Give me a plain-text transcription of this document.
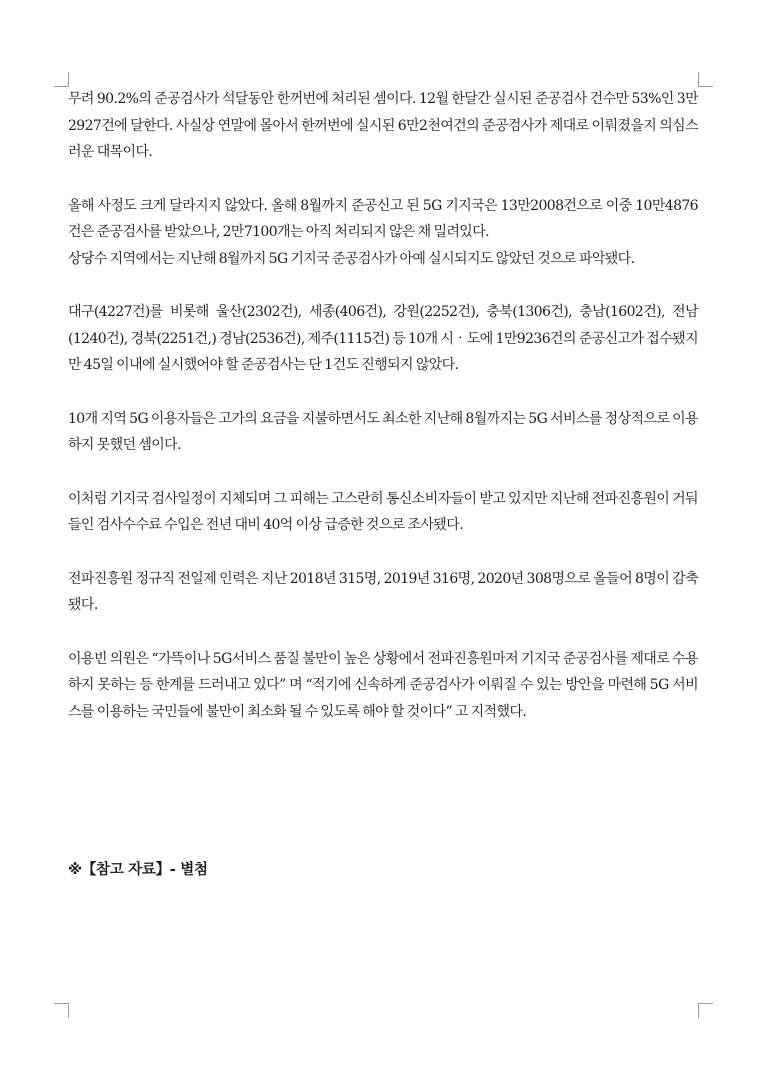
무려 90.2%의 준공검사가 석달동안 한꺼번에 처리된 셈이다. 12월 한달간 실시된 준공검사 건수만 53%인 3만2927건에 달한다. 사실상 연말에 몰아서 한꺼번에 실시된 6만2천여건의 준공검사가 제대로 이뤄졌을지 의심스러운 대목이다.

올해 사정도 크게 달라지지 않았다. 올해 8월까지 준공신고 된 5G 기지국은 13만2008건으로 이중 10만4876건은 준공검사를 받았으나, 2만7100개는 아직 처리되지 않은 채 밀려있다.

상당수 지역에서는 지난해 8월까지 5G 기지국 준공검사가 아예 실시되지도 않았던 것으로 파악됐다.

대구(4227건)를 비롯해 울산(2302건), 세종(406건), 강원(2252건), 충북(1306건), 충남(1602건), 전남(1240건), 경북(2251건,) 경남(2536건), 제주(1115건) 등 10개 시‧도에 1만9236건의 준공신고가 접수됐지만 45일 이내에 실시했어야 할 준공검사는 단 1건도 진행되지 않았다.

10개 지역 5G 이용자들은 고가의 요금을 지불하면서도 최소한 지난해 8월까지는 5G 서비스를 정상적으로 이용하지 못했던 셈이다.

이처럼 기지국 검사일정이 지체되며 그 피해는 고스란히 통신소비자들이 받고 있지만 지난해 전파진흥원이 거둬들인 검사수수료 수입은 전년 대비 40억 이상 급증한 것으로 조사됐다.

전파진흥원 정규직 전일제 인력은 지난 2018년 315명, 2019년 316명, 2020년 308명으로 올들어 8명이 감축됐다.

이용빈 의원은 “가뜩이나 5G서비스 품질 불만이 높은 상황에서 전파진흥원마저 기지국 준공검사를 제대로 수용하지 못하는 등 한계를 드러내고 있다” 며 “적기에 신속하게 준공검사가 이뤄질 수 있는 방안을 마련해 5G 서비스를 이용하는 국민들에 불만이 최소화 될 수 있도록 해야 할 것이다” 고 지적했다.

※【참고 자료】- 별첨
